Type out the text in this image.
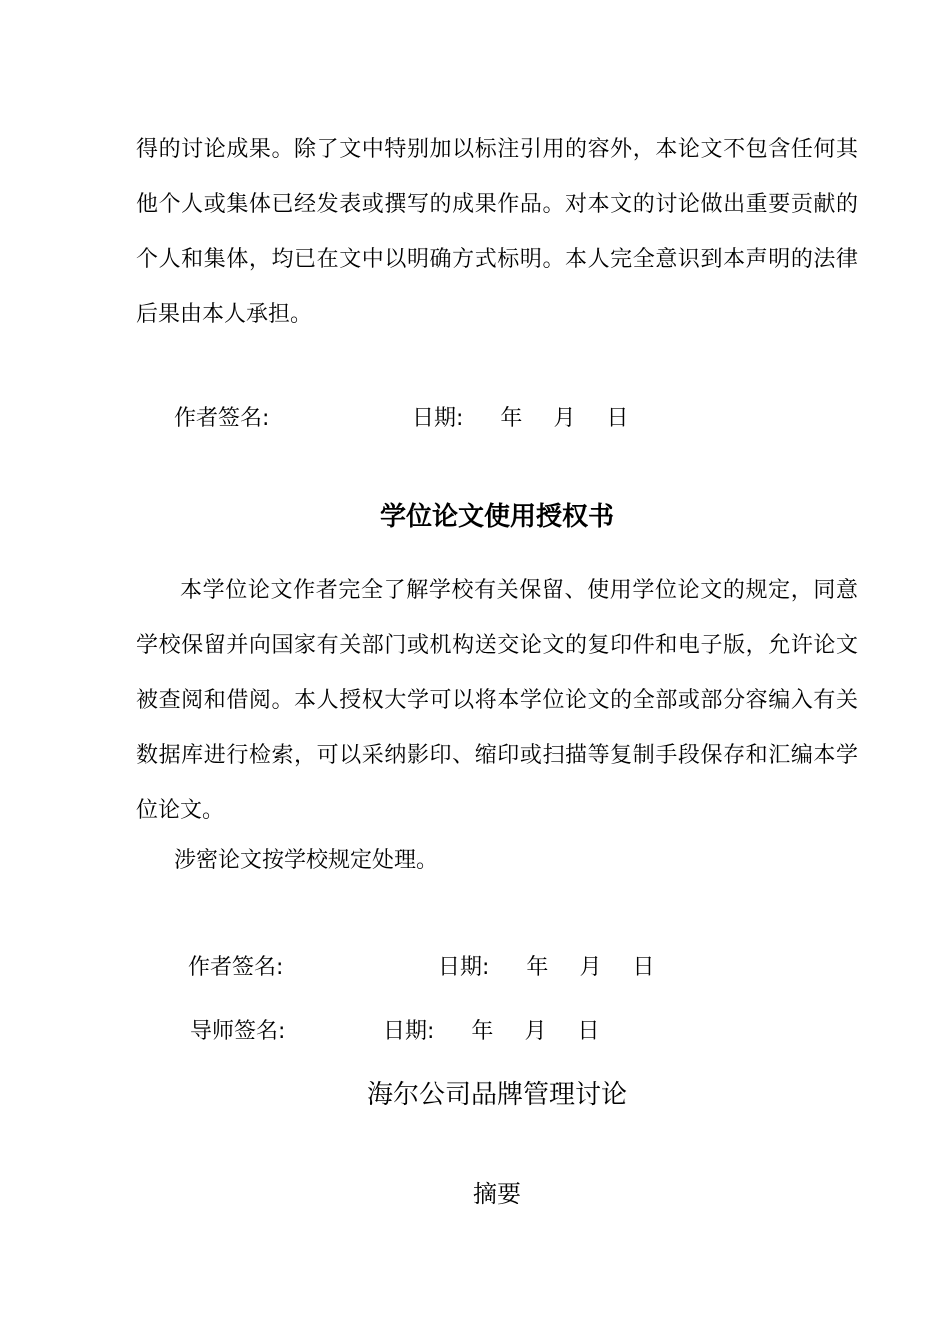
得的讨论成果。除了文中特别加以标注引用的容外，本论文不包含任何其他个人或集体已经发表或撰写的成果作品。对本文的讨论做出重要贡献的个人和集体，均已在文中以明确方式标明。本人完全意识到本声明的法律后果由本人承担。

作者签名:	日期: 年 月 日
学位论文使用授权书

本学位论文作者完全了解学校有关保留、使用学位论文的规定，同意学校保留并向国家有关部门或机构送交论文的复印件和电子版，允许论文被查阅和借阅。本人授权大学可以将本学位论文的全部或部分容编入有关数据库进行检索，可以采纳影印、缩印或扫描等复制手段保存和汇编本学位论文。

涉密论文按学校规定处理。
作者签名:	日期: 年 月 日
导师签名:	日期: 年 月 日
海尔公司品牌管理讨论
摘要
